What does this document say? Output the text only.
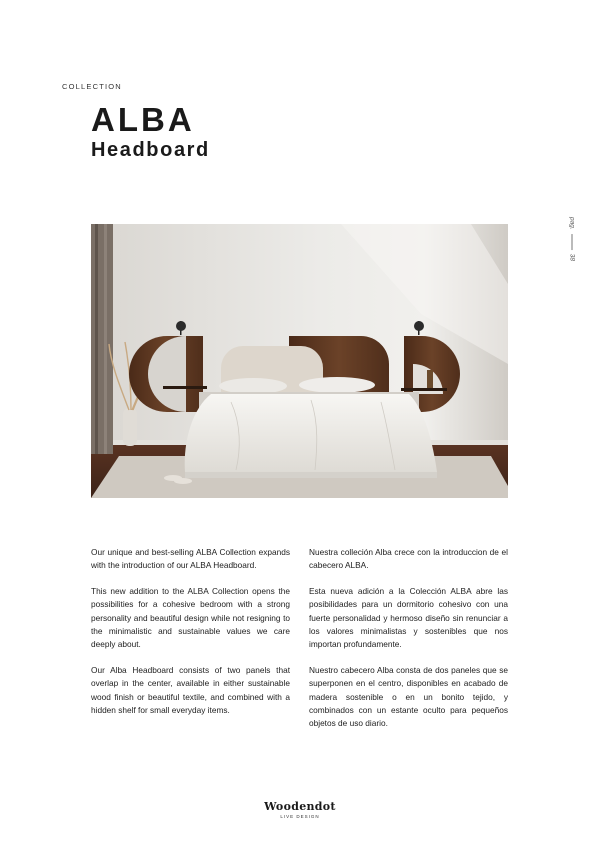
COLLECTION
ALBA
Headboard
pag.
38

Our unique and best-selling ALBA Collection expands with the introduction of our ALBA Headboard.

This new addition to the ALBA Collection opens the possibilities for a cohesive bedroom with a strong personality and beautiful design while not resigning to the minimalistic and sustainable values we care deeply about.

Our Alba Headboard consists of two panels that overlap in the center, available in either sustainable wood finish or beautiful textile, and combined with a hidden shelf for small everyday items.

Nuestra colleción Alba crece con la introduccion de el cabecero ALBA.

Esta nueva adición a la Colección ALBA abre las posibilidades para un dormitorio cohesivo con una fuerte personalidad y hermoso diseño sin renunciar a los valores minimalistas y sostenibles que nos importan profundamente.

Nuestro cabecero Alba consta de dos paneles que se superponen en el centro, disponibles en acabado de madera sostenible o en un bonito tejido, y combinados con un estante oculto para pequeños objetos de uso diario.

Woodendot
LIVE DESIGN
